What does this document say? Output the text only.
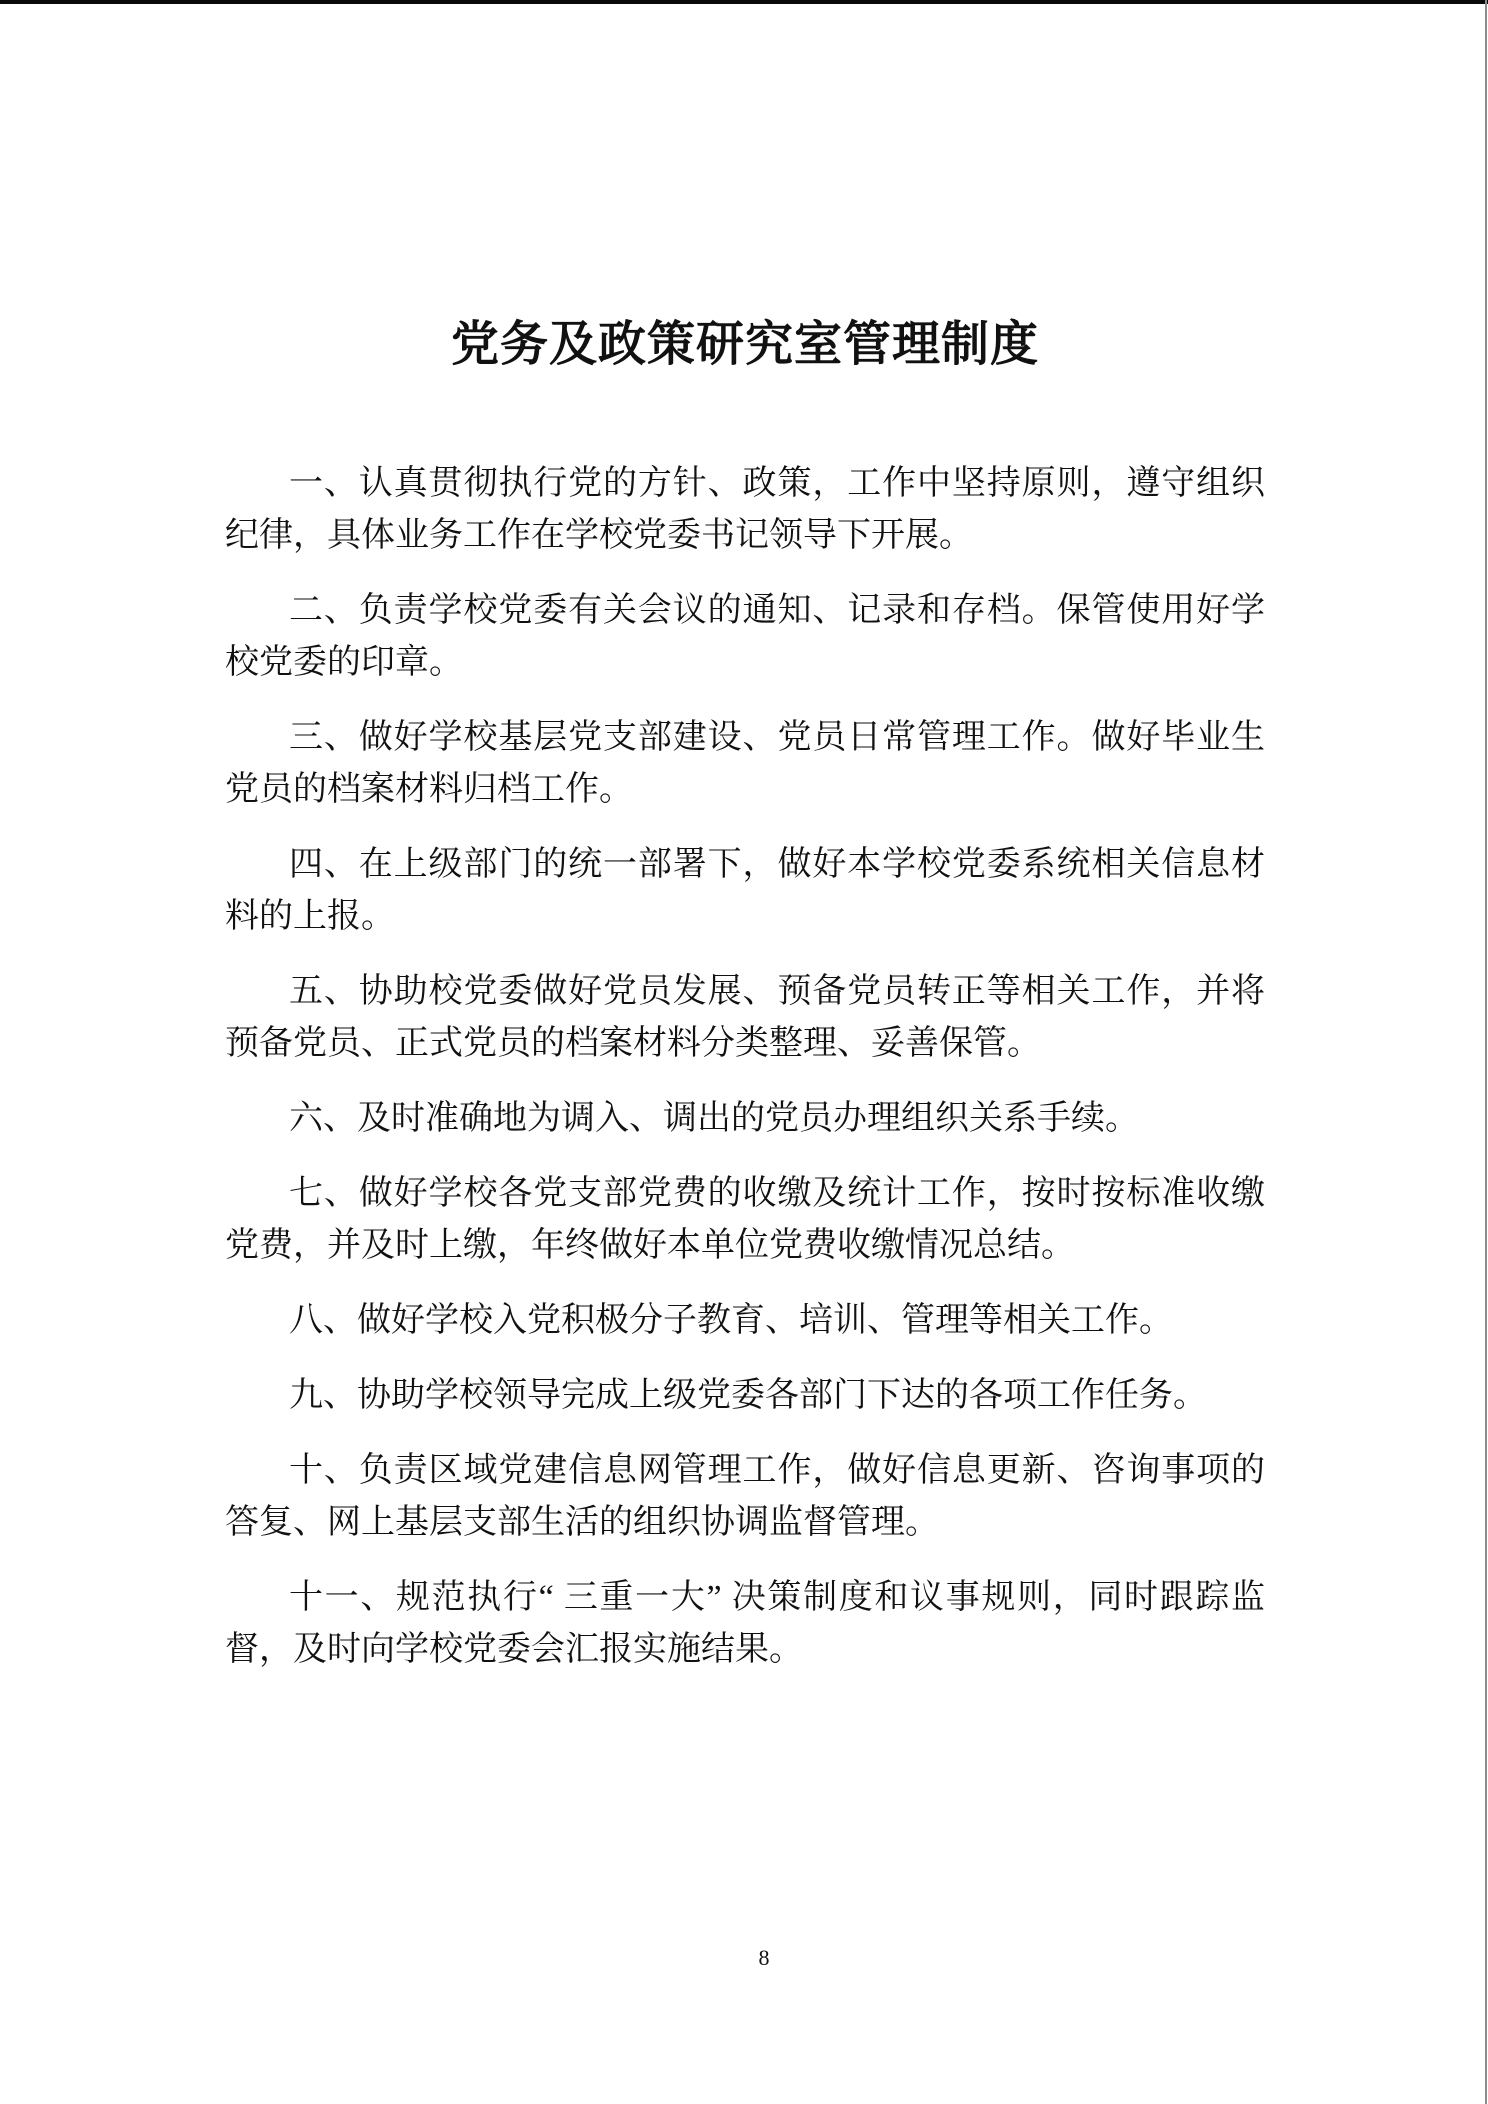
党务及政策研究室管理制度

一、认真贯彻执行党的方针、政策，工作中坚持原则，遵守组织纪律，具体业务工作在学校党委书记领导下开展。

二、负责学校党委有关会议的通知、记录和存档。保管使用好学校党委的印章。

三、做好学校基层党支部建设、党员日常管理工作。做好毕业生党员的档案材料归档工作。

四、在上级部门的统一部署下，做好本学校党委系统相关信息材料的上报。

五、协助校党委做好党员发展、预备党员转正等相关工作，并将预备党员、正式党员的档案材料分类整理、妥善保管。

六、及时准确地为调入、调出的党员办理组织关系手续。

七、做好学校各党支部党费的收缴及统计工作，按时按标准收缴党费，并及时上缴，年终做好本单位党费收缴情况总结。

八、做好学校入党积极分子教育、培训、管理等相关工作。

九、协助学校领导完成上级党委各部门下达的各项工作任务。

十、负责区域党建信息网管理工作，做好信息更新、咨询事项的答复、网上基层支部生活的组织协调监督管理。

十一、规范执行“ 三重一大” 决策制度和议事规则，同时跟踪监督，及时向学校党委会汇报实施结果。

8
